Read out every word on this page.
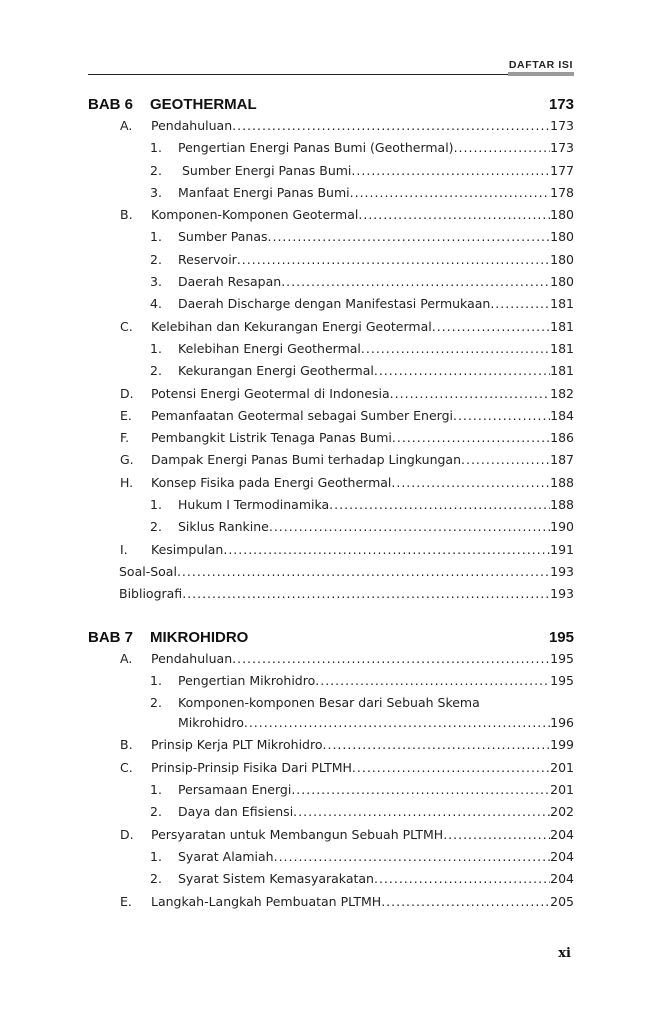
DAFTAR ISI
BAB 6	GEOTHERMAL	173
A.	Pendahuluan .....	173
1.	Pengertian Energi Panas Bumi (Geothermal) .....	173
2.	Sumber Energi Panas Bumi .....	177
3.	Manfaat Energi Panas Bumi .....	178
B.	Komponen-Komponen Geotermal .....	180
1.	Sumber Panas .....	180
2.	Reservoir .....	180
3.	Daerah Resapan .....	180
4.	Daerah Discharge dengan Manifestasi Permukaan .....	181
C.	Kelebihan dan Kekurangan Energi Geotermal .....	181
1.	Kelebihan Energi Geothermal .....	181
2.	Kekurangan Energi Geothermal .....	181
D.	Potensi Energi Geotermal di Indonesia .....	182
E.	Pemanfaatan Geotermal sebagai Sumber Energi .....	184
F.	Pembangkit Listrik Tenaga Panas Bumi .....	186
G.	Dampak Energi Panas Bumi terhadap Lingkungan .....	187
H.	Konsep Fisika pada Energi Geothermal .....	188
1.	Hukum I Termodinamika .....	188
2.	Siklus Rankine .....	190
I.	Kesimpulan .....	191
Soal-Soal .....	193
Bibliografi .....	193
BAB 7	MIKROHIDRO	195
A.	Pendahuluan .....	195
1.	Pengertian Mikrohidro .....	195
2.	Komponen-komponen Besar dari Sebuah Skema
Mikrohidro .....	196
B.	Prinsip Kerja PLT Mikrohidro .....	199
C.	Prinsip-Prinsip Fisika Dari PLTMH .....	201
1.	Persamaan Energi .....	201
2.	Daya dan Efisiensi .....	202
D.	Persyaratan untuk Membangun Sebuah PLTMH .....	204
1.	Syarat Alamiah .....	204
2.	Syarat Sistem Kemasyarakatan .....	204
E.	Langkah-Langkah Pembuatan PLTMH .....	205
xi
